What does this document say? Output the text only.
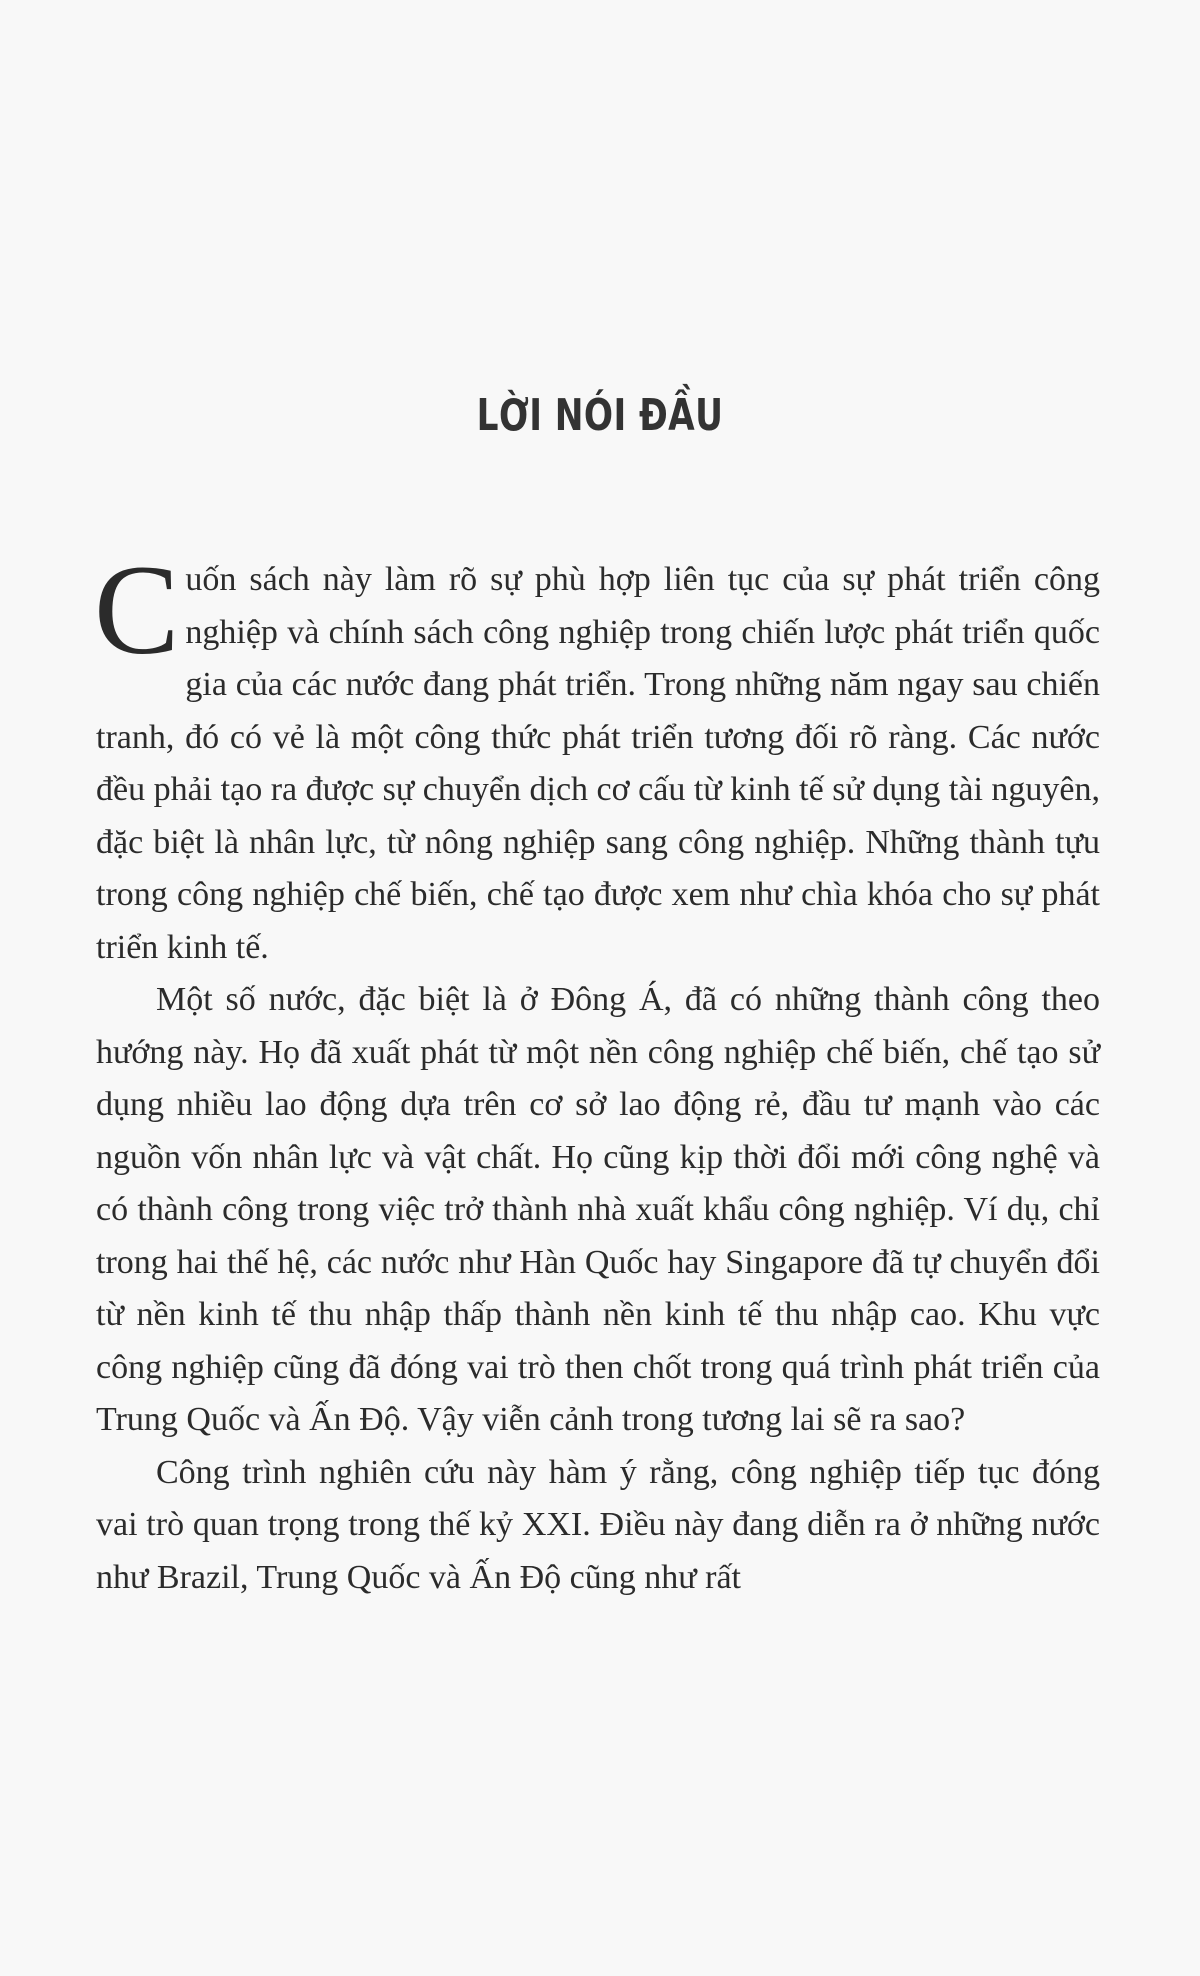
LỜI NÓI ĐẦU

Cuốn sách này làm rõ sự phù hợp liên tục của sự phát triển công nghiệp và chính sách công nghiệp trong chiến lược phát triển quốc gia của các nước đang phát triển. Trong những năm ngay sau chiến tranh, đó có vẻ là một công thức phát triển tương đối rõ ràng. Các nước đều phải tạo ra được sự chuyển dịch cơ cấu từ kinh tế sử dụng tài nguyên, đặc biệt là nhân lực, từ nông nghiệp sang công nghiệp. Những thành tựu trong công nghiệp chế biến, chế tạo được xem như chìa khóa cho sự phát triển kinh tế.

Một số nước, đặc biệt là ở Đông Á, đã có những thành công theo hướng này. Họ đã xuất phát từ một nền công nghiệp chế biến, chế tạo sử dụng nhiều lao động dựa trên cơ sở lao động rẻ, đầu tư mạnh vào các nguồn vốn nhân lực và vật chất. Họ cũng kịp thời đổi mới công nghệ và có thành công trong việc trở thành nhà xuất khẩu công nghiệp. Ví dụ, chỉ trong hai thế hệ, các nước như Hàn Quốc hay Singapore đã tự chuyển đổi từ nền kinh tế thu nhập thấp thành nền kinh tế thu nhập cao. Khu vực công nghiệp cũng đã đóng vai trò then chốt trong quá trình phát triển của Trung Quốc và Ấn Độ. Vậy viễn cảnh trong tương lai sẽ ra sao?

Công trình nghiên cứu này hàm ý rằng, công nghiệp tiếp tục đóng vai trò quan trọng trong thế kỷ XXI. Điều này đang diễn ra ở những nước như Brazil, Trung Quốc và Ấn Độ cũng như rất
